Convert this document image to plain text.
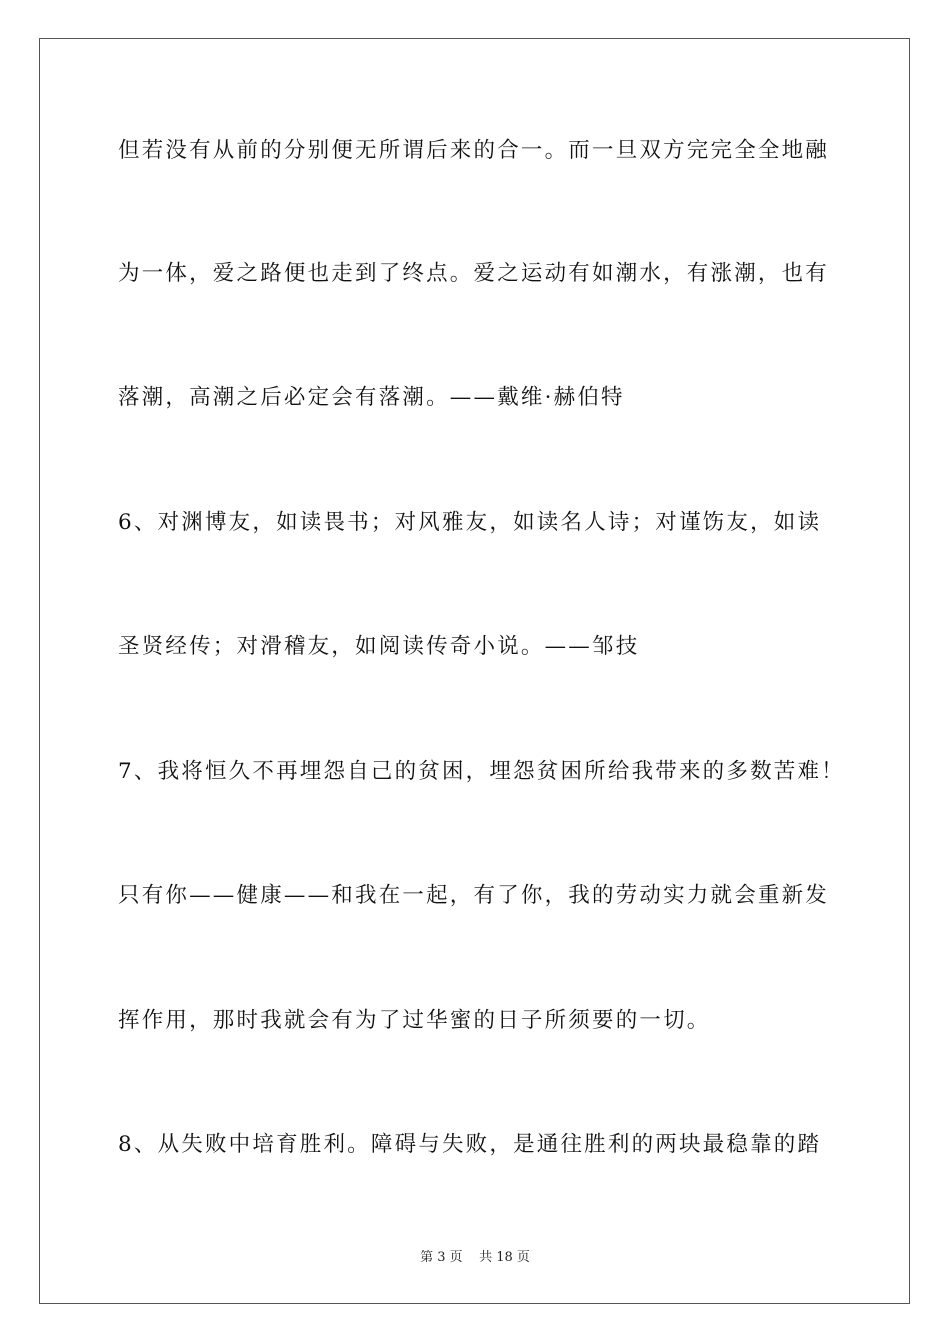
但若没有从前的分别便无所谓后来的合一。而一旦双方完完全全地融
为一体，爱之路便也走到了终点。爱之运动有如潮水，有涨潮，也有
落潮，高潮之后必定会有落潮。——戴维·赫伯特
6、对渊博友，如读畏书；对风雅友，如读名人诗；对谨饬友，如读
圣贤经传；对滑稽友，如阅读传奇小说。——邹技
7、我将恒久不再埋怨自己的贫困，埋怨贫困所给我带来的多数苦难！
只有你——健康——和我在一起，有了你，我的劳动实力就会重新发
挥作用，那时我就会有为了过华蜜的日子所须要的一切。
8、从失败中培育胜利。障碍与失败，是通往胜利的两块最稳靠的踏
第 3 页    共 18 页
